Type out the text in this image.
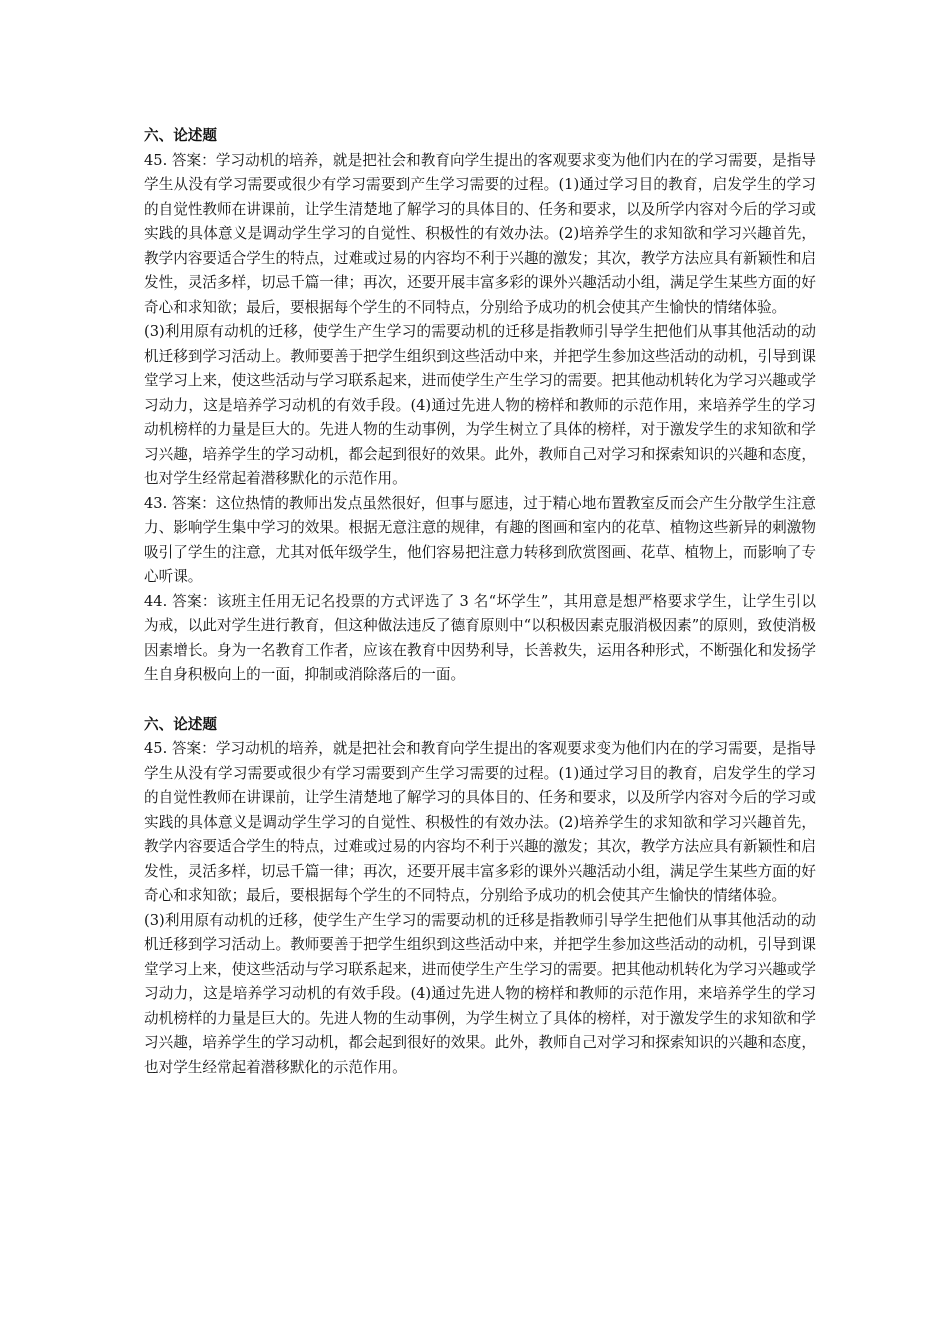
六、论述题

45. 答案：学习动机的培养，就是把社会和教育向学生提出的客观要求变为他们内在的学习需要，是指导学生从没有学习需要或很少有学习需要到产生学习需要的过程。(1)通过学习目的教育，启发学生的学习的自觉性教师在讲课前，让学生清楚地了解学习的具体目的、任务和要求，以及所学内容对今后的学习或实践的具体意义是调动学生学习的自觉性、积极性的有效办法。(2)培养学生的求知欲和学习兴趣首先，教学内容要适合学生的特点，过难或过易的内容均不利于兴趣的激发；其次，教学方法应具有新颖性和启发性，灵活多样，切忌千篇一律；再次，还要开展丰富多彩的课外兴趣活动小组，满足学生某些方面的好奇心和求知欲；最后，要根据每个学生的不同特点，分别给予成功的机会使其产生愉快的情绪体验。

(3)利用原有动机的迁移，使学生产生学习的需要动机的迁移是指教师引导学生把他们从事其他活动的动机迁移到学习活动上。教师要善于把学生组织到这些活动中来，并把学生参加这些活动的动机，引导到课堂学习上来，使这些活动与学习联系起来，进而使学生产生学习的需要。把其他动机转化为学习兴趣或学习动力，这是培养学习动机的有效手段。(4)通过先进人物的榜样和教师的示范作用，来培养学生的学习动机榜样的力量是巨大的。先进人物的生动事例，为学生树立了具体的榜样，对于激发学生的求知欲和学习兴趣，培养学生的学习动机，都会起到很好的效果。此外，教师自己对学习和探索知识的兴趣和态度，也对学生经常起着潜移默化的示范作用。

43. 答案：这位热情的教师出发点虽然很好，但事与愿违，过于精心地布置教室反而会产生分散学生注意力、影响学生集中学习的效果。根据无意注意的规律，有趣的图画和室内的花草、植物这些新异的刺激物吸引了学生的注意，尤其对低年级学生，他们容易把注意力转移到欣赏图画、花草、植物上，而影响了专心听课。

44. 答案：该班主任用无记名投票的方式评选了 3 名“坏学生”，其用意是想严格要求学生，让学生引以为戒，以此对学生进行教育，但这种做法违反了德育原则中“以积极因素克服消极因素”的原则，致使消极因素增长。身为一名教育工作者，应该在教育中因势利导，长善救失，运用各种形式，不断强化和发扬学生自身积极向上的一面，抑制或消除落后的一面。

六、论述题

45. 答案：学习动机的培养，就是把社会和教育向学生提出的客观要求变为他们内在的学习需要，是指导学生从没有学习需要或很少有学习需要到产生学习需要的过程。(1)通过学习目的教育，启发学生的学习的自觉性教师在讲课前，让学生清楚地了解学习的具体目的、任务和要求，以及所学内容对今后的学习或实践的具体意义是调动学生学习的自觉性、积极性的有效办法。(2)培养学生的求知欲和学习兴趣首先，教学内容要适合学生的特点，过难或过易的内容均不利于兴趣的激发；其次，教学方法应具有新颖性和启发性，灵活多样，切忌千篇一律；再次，还要开展丰富多彩的课外兴趣活动小组，满足学生某些方面的好奇心和求知欲；最后，要根据每个学生的不同特点，分别给予成功的机会使其产生愉快的情绪体验。

(3)利用原有动机的迁移，使学生产生学习的需要动机的迁移是指教师引导学生把他们从事其他活动的动机迁移到学习活动上。教师要善于把学生组织到这些活动中来，并把学生参加这些活动的动机，引导到课堂学习上来，使这些活动与学习联系起来，进而使学生产生学习的需要。把其他动机转化为学习兴趣或学习动力，这是培养学习动机的有效手段。(4)通过先进人物的榜样和教师的示范作用，来培养学生的学习动机榜样的力量是巨大的。先进人物的生动事例，为学生树立了具体的榜样，对于激发学生的求知欲和学习兴趣，培养学生的学习动机，都会起到很好的效果。此外，教师自己对学习和探索知识的兴趣和态度，也对学生经常起着潜移默化的示范作用。
